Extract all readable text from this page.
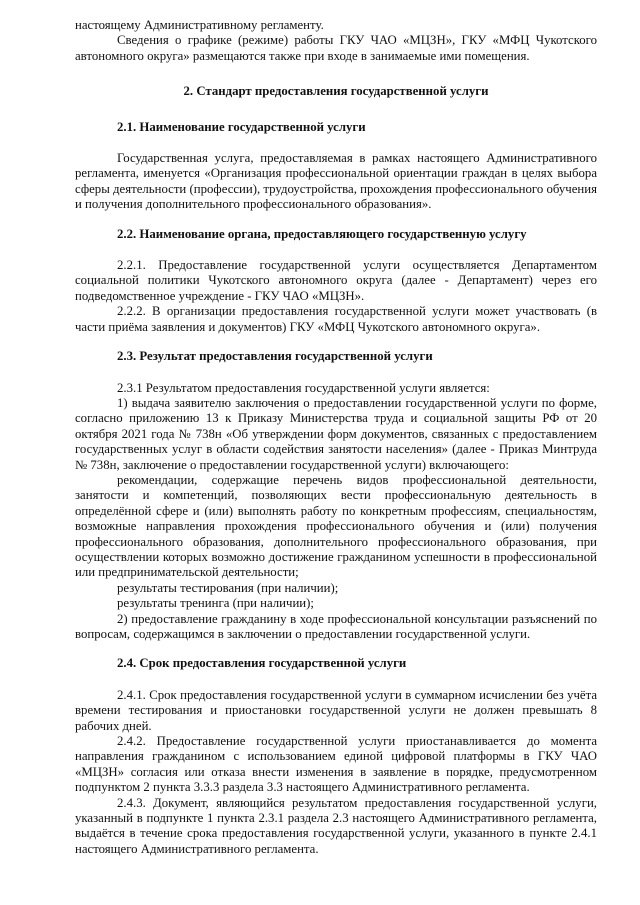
настоящему Административному регламенту.

Сведения о графике (режиме) работы ГКУ ЧАО «МЦЗН», ГКУ «МФЦ Чукотского автономного округа» размещаются также при входе в занимаемые ими помещения.

2. Стандарт предоставления государственной услуги
2.1. Наименование государственной услуги

Государственная услуга, предоставляемая в рамках настоящего Административного регламента, именуется «Организация профессиональной ориентации граждан в целях выбора сферы деятельности (профессии), трудоустройства, прохождения профессионального обучения и получения дополнительного профессионального образования».

2.2. Наименование органа, предоставляющего государственную услугу

2.2.1. Предоставление государственной услуги осуществляется Департаментом социальной политики Чукотского автономного округа (далее - Департамент) через его подведомственное учреждение - ГКУ ЧАО «МЦЗН».

2.2.2. В организации предоставления государственной услуги может участвовать (в части приёма заявления и документов) ГКУ «МФЦ Чукотского автономного округа».

2.3. Результат предоставления государственной услуги

2.3.1 Результатом предоставления государственной услуги является:

1) выдача заявителю заключения о предоставлении государственной услуги по форме, согласно приложению 13 к Приказу Министерства труда и социальной защиты РФ от 20 октября 2021 года № 738н «Об утверждении форм документов, связанных с предоставлением государственных услуг в области содействия занятости населения» (далее - Приказ Минтруда № 738н, заключение о предоставлении государственной услуги) включающего:

рекомендации, содержащие перечень видов профессиональной деятельности, занятости и компетенций, позволяющих вести профессиональную деятельность в определённой сфере и (или) выполнять работу по конкретным профессиям, специальностям, возможные направления прохождения профессионального обучения и (или) получения профессионального образования, дополнительного профессионального образования, при осуществлении которых возможно достижение гражданином успешности в профессиональной или предпринимательской деятельности;

результаты тестирования (при наличии);

результаты тренинга (при наличии);

2) предоставление гражданину в ходе профессиональной консультации разъяснений по вопросам, содержащимся в заключении о предоставлении государственной услуги.

2.4. Срок предоставления государственной услуги

2.4.1. Срок предоставления государственной услуги в суммарном исчислении без учёта времени тестирования и приостановки государственной услуги не должен превышать 8 рабочих дней.

2.4.2. Предоставление государственной услуги приостанавливается до момента направления гражданином с использованием единой цифровой платформы в ГКУ ЧАО «МЦЗН» согласия или отказа внести изменения в заявление в порядке, предусмотренном подпунктом 2 пункта 3.3.3 раздела 3.3 настоящего Административного регламента.

2.4.3. Документ, являющийся результатом предоставления государственной услуги, указанный в подпункте 1 пункта 2.3.1 раздела 2.3 настоящего Административного регламента, выдаётся в течение срока предоставления государственной услуги, указанного в пункте 2.4.1 настоящего Административного регламента.
